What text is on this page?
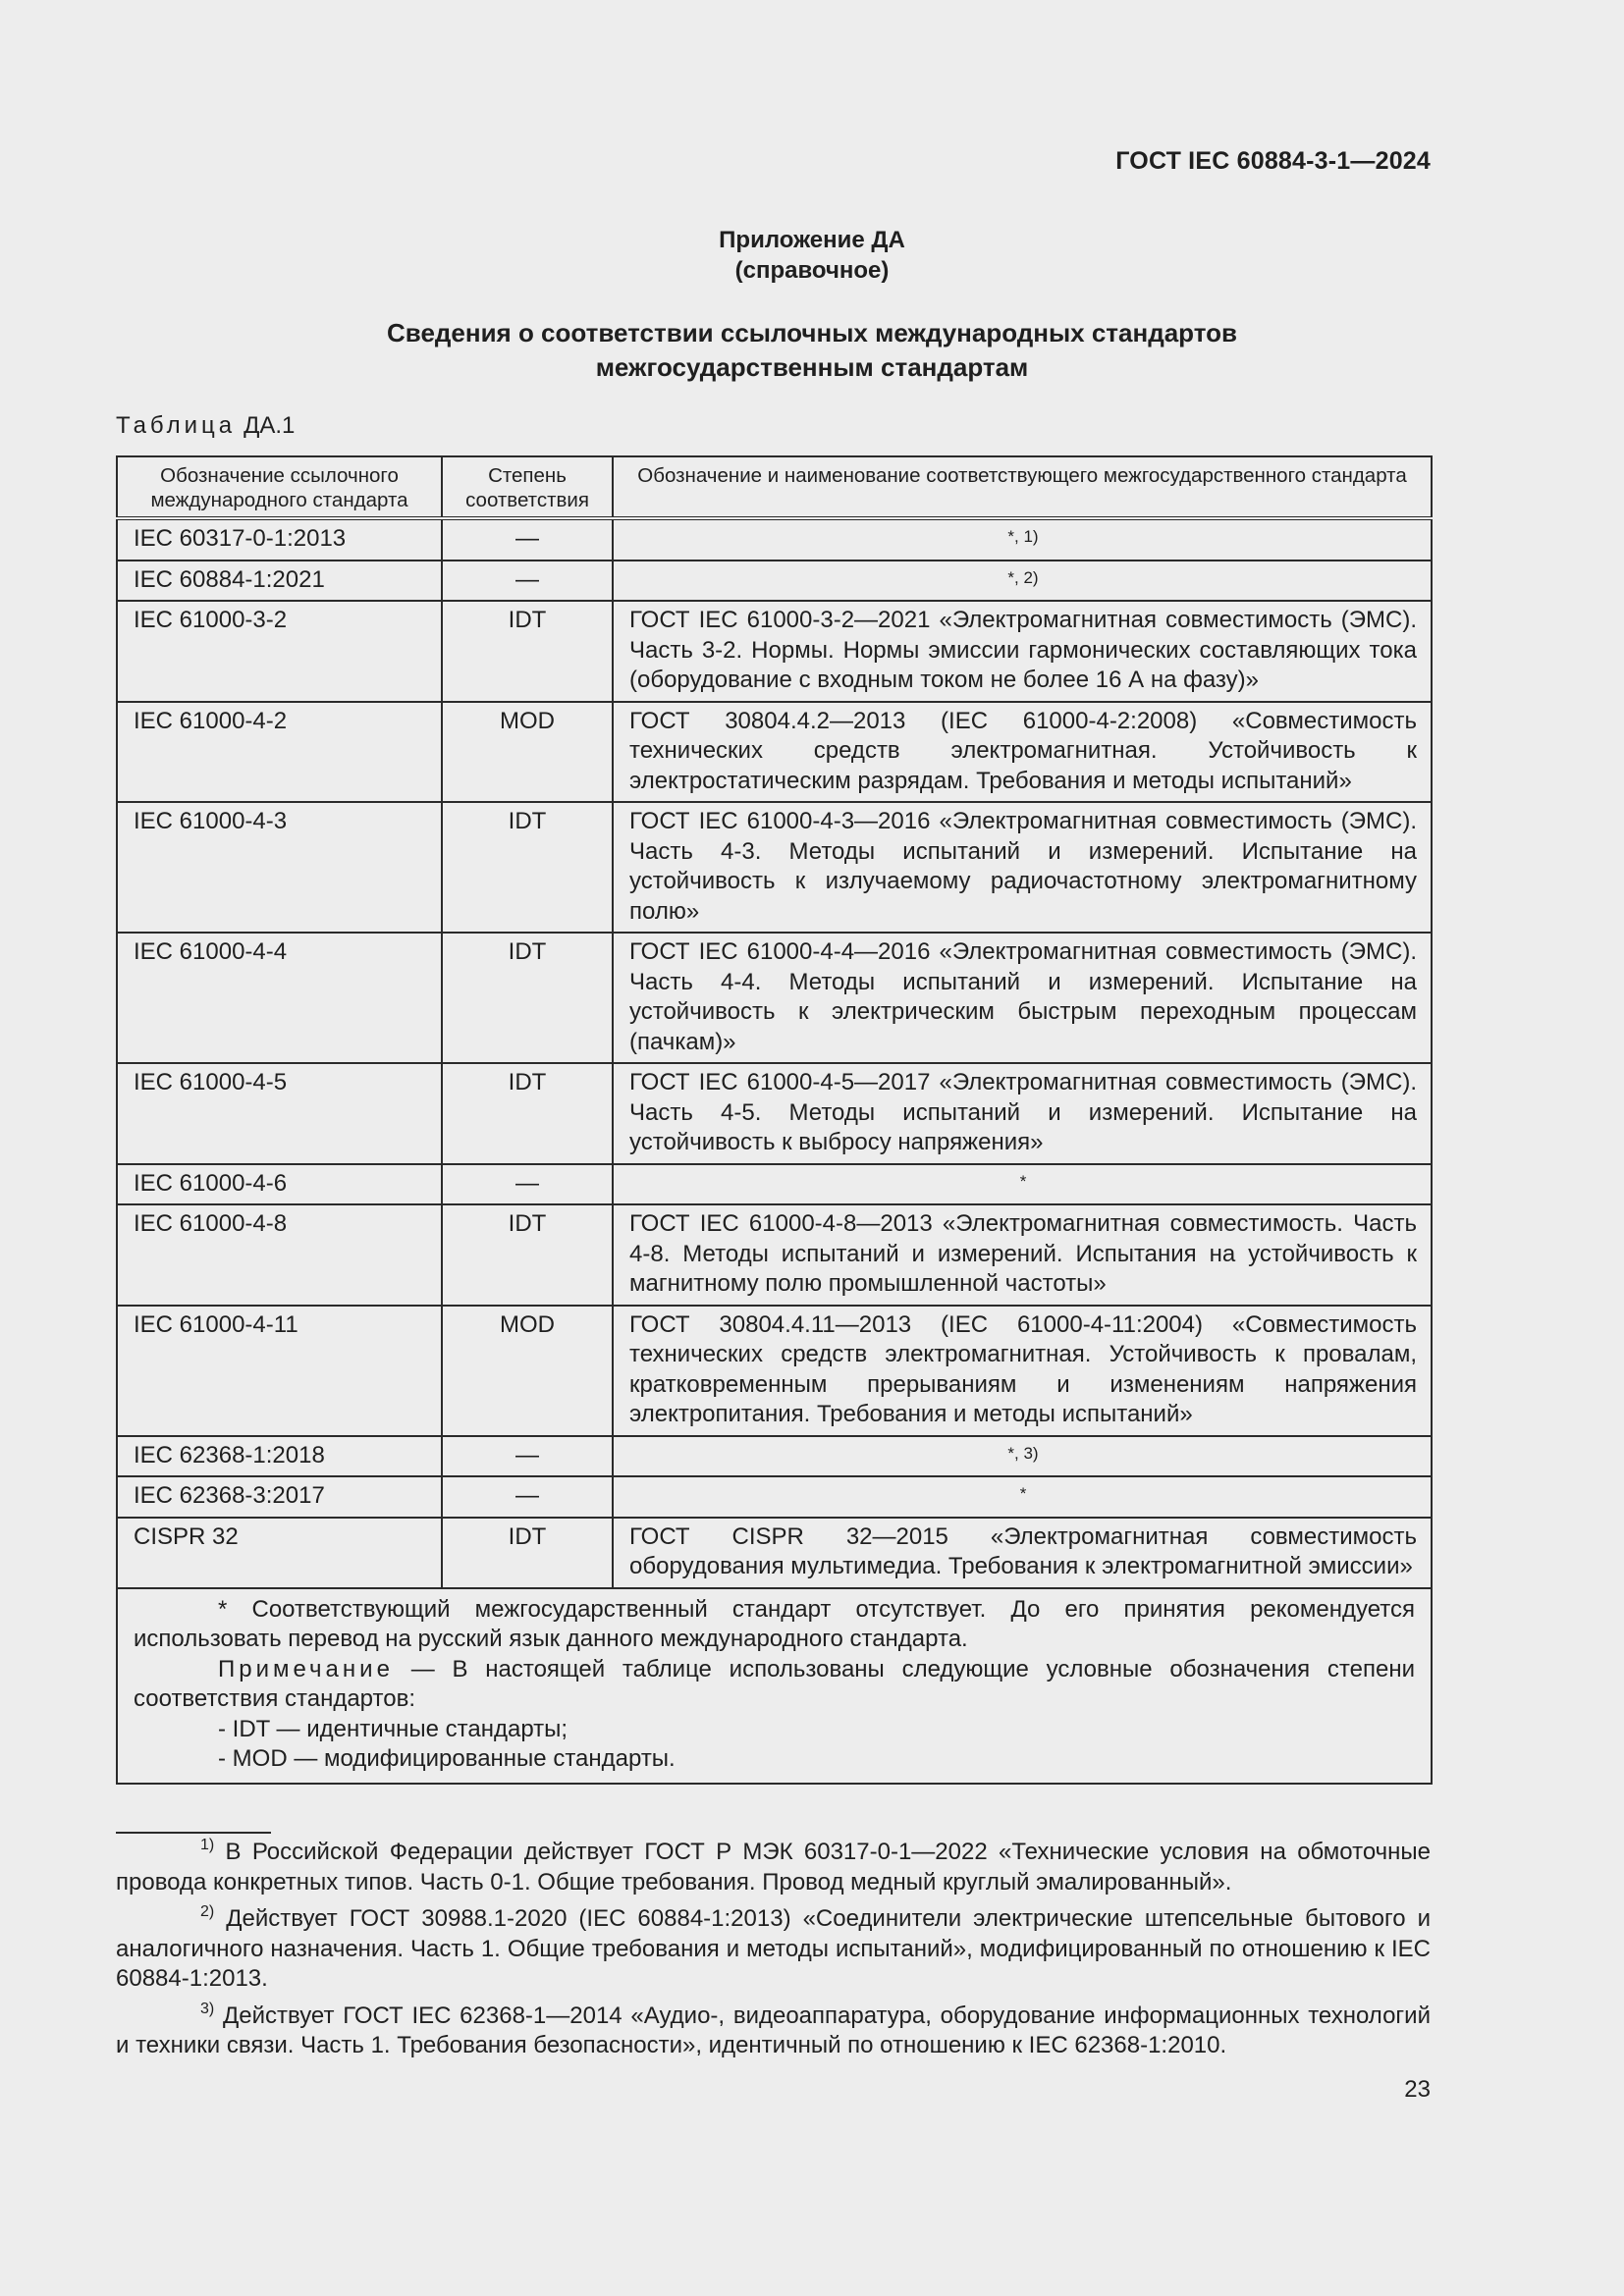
ГОСТ IEC 60884-3-1—2024
Приложение ДА
(справочное)
Сведения о соответствии ссылочных международных стандартов
межгосударственным стандартам
Таблица ДА.1
Обозначение ссылочного международного стандарта	Степень соответствия	Обозначение и наименование соответствующего межгосударственного стандарта
IEC 60317-0-1:2013	—	*, 1)
IEC 60884-1:2021	—	*, 2)
IEC 61000-3-2	IDT	ГОСТ IEC 61000-3-2—2021 «Электромагнитная совместимость (ЭМС). Часть 3-2. Нормы. Нормы эмиссии гармонических составляющих тока (оборудование с входным током не более 16 А на фазу)»
IEC 61000-4-2	MOD	ГОСТ 30804.4.2—2013 (IEC 61000-4-2:2008) «Совместимость технических средств электромагнитная. Устойчивость к электростатическим разрядам. Требования и методы испытаний»
IEC 61000-4-3	IDT	ГОСТ IEC 61000-4-3—2016 «Электромагнитная совместимость (ЭМС). Часть 4-3. Методы испытаний и измерений. Испытание на устойчивость к излучаемому радиочастотному электромагнитному полю»
IEC 61000-4-4	IDT	ГОСТ IEC 61000-4-4—2016 «Электромагнитная совместимость (ЭМС). Часть 4-4. Методы испытаний и измерений. Испытание на устойчивость к электрическим быстрым переходным процессам (пачкам)»
IEC 61000-4-5	IDT	ГОСТ IEC 61000-4-5—2017 «Электромагнитная совместимость (ЭМС). Часть 4-5. Методы испытаний и измерений. Испытание на устойчивость к выбросу напряжения»
IEC 61000-4-6	—	*
IEC 61000-4-8	IDT	ГОСТ IEC 61000-4-8—2013 «Электромагнитная совместимость. Часть 4-8. Методы испытаний и измерений. Испытания на устойчивость к магнитному полю промышленной частоты»
IEC 61000-4-11	MOD	ГОСТ 30804.4.11—2013 (IEC 61000-4-11:2004) «Совместимость технических средств электромагнитная. Устойчивость к провалам, кратковременным прерываниям и изменениям напряжения электропитания. Требования и методы испытаний»
IEC 62368-1:2018	—	*, 3)
IEC 62368-3:2017	—	*
CISPR 32	IDT	ГОСТ CISPR 32—2015 «Электромагнитная совместимость оборудования мультимедиа. Требования к электромагнитной эмиссии»

* Соответствующий межгосударственный стандарт отсутствует. До его принятия рекомендуется использовать перевод на русский язык данного международного стандарта.
Примечание — В настоящей таблице использованы следующие условные обозначения степени соответствия стандартов:
- IDT — идентичные стандарты;
- MOD — модифицированные стандарты.		

$^{1)}$ В Российской Федерации действует ГОСТ Р МЭК 60317-0-1—2022 «Технические условия на обмоточные провода конкретных типов. Часть 0-1. Общие требования. Провод медный круглый эмалированный».

$^{2)}$ Действует ГОСТ 30988.1-2020 (IEC 60884-1:2013) «Соединители электрические штепсельные бытового и аналогичного назначения. Часть 1. Общие требования и методы испытаний», модифицированный по отношению к IEC 60884-1:2013.

$^{3)}$ Действует ГОСТ IEC 62368-1—2014 «Аудио-, видеоаппаратура, оборудование информационных технологий и техники связи. Часть 1. Требования безопасности», идентичный по отношению к IEC 62368-1:2010.

23
